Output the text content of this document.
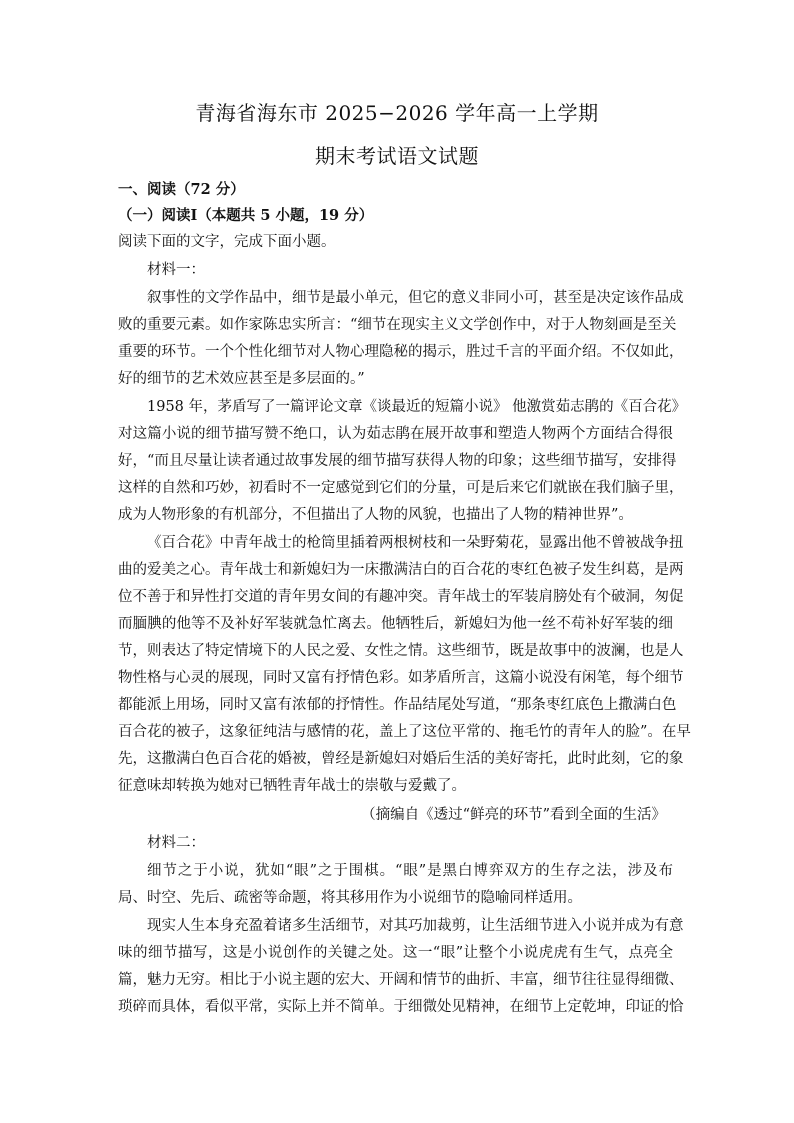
青海省海东市 2025−2026 学年高一上学期
期末考试语文试题
一、阅读（72 分）
（一）阅读Ⅰ（本题共 5 小题，19 分）
阅读下面的文字，完成下面小题。
材料一：
叙事性的文学作品中，细节是最小单元，但它的意义非同小可，甚至是决定该作品成
败的重要元素。如作家陈忠实所言：“细节在现实主义文学创作中，对于人物刻画是至关
重要的环节。一个个性化细节对人物心理隐秘的揭示，胜过千言的平面介绍。不仅如此，
好的细节的艺术效应甚至是多层面的。”
1958 年，茅盾写了一篇评论文章《谈最近的短篇小说》 他激赏茹志鹃的《百合花》
对这篇小说的细节描写赞不绝口，认为茹志鹃在展开故事和塑造人物两个方面结合得很
好，“而且尽量让读者通过故事发展的细节描写获得人物的印象；这些细节描写，安排得
这样的自然和巧妙，初看时不一定感觉到它们的分量，可是后来它们就嵌在我们脑子里，
成为人物形象的有机部分，不但描出了人物的风貌，也描出了人物的精神世界”。
《百合花》中青年战士的枪筒里插着两根树枝和一朵野菊花，显露出他不曾被战争扭
曲的爱美之心。青年战士和新媳妇为一床撒满洁白的百合花的枣红色被子发生纠葛，是两
位不善于和异性打交道的青年男女间的有趣冲突。青年战士的军装肩膀处有个破洞，匆促
而腼腆的他等不及补好军装就急忙离去。他牺牲后，新媳妇为他一丝不苟补好军装的细
节，则表达了特定情境下的人民之爱、女性之情。这些细节，既是故事中的波澜，也是人
物性格与心灵的展现，同时又富有抒情色彩。如茅盾所言，这篇小说没有闲笔，每个细节
都能派上用场，同时又富有浓郁的抒情性。作品结尾处写道，“那条枣红底色上撒满白色
百合花的被子，这象征纯洁与感情的花，盖上了这位平常的、拖毛竹的青年人的脸”。在早
先，这撒满白色百合花的婚被，曾经是新媳妇对婚后生活的美好寄托，此时此刻，它的象
征意味却转换为她对已牺牲青年战士的崇敬与爱戴了。
（摘编自《透过“鲜亮的环节”看到全面的生活》
材料二：
细节之于小说，犹如“眼”之于围棋。“眼”是黑白博弈双方的生存之法，涉及布
局、时空、先后、疏密等命题，将其移用作为小说细节的隐喻同样适用。
现实人生本身充盈着诸多生活细节，对其巧加裁剪，让生活细节进入小说并成为有意
味的细节描写，这是小说创作的关键之处。这一“眼”让整个小说虎虎有生气，点亮全
篇，魅力无穷。相比于小说主题的宏大、开阔和情节的曲折、丰富，细节往往显得细微、
琐碎而具体，看似平常，实际上并不简单。于细微处见精神，在细节上定乾坤，印证的恰
